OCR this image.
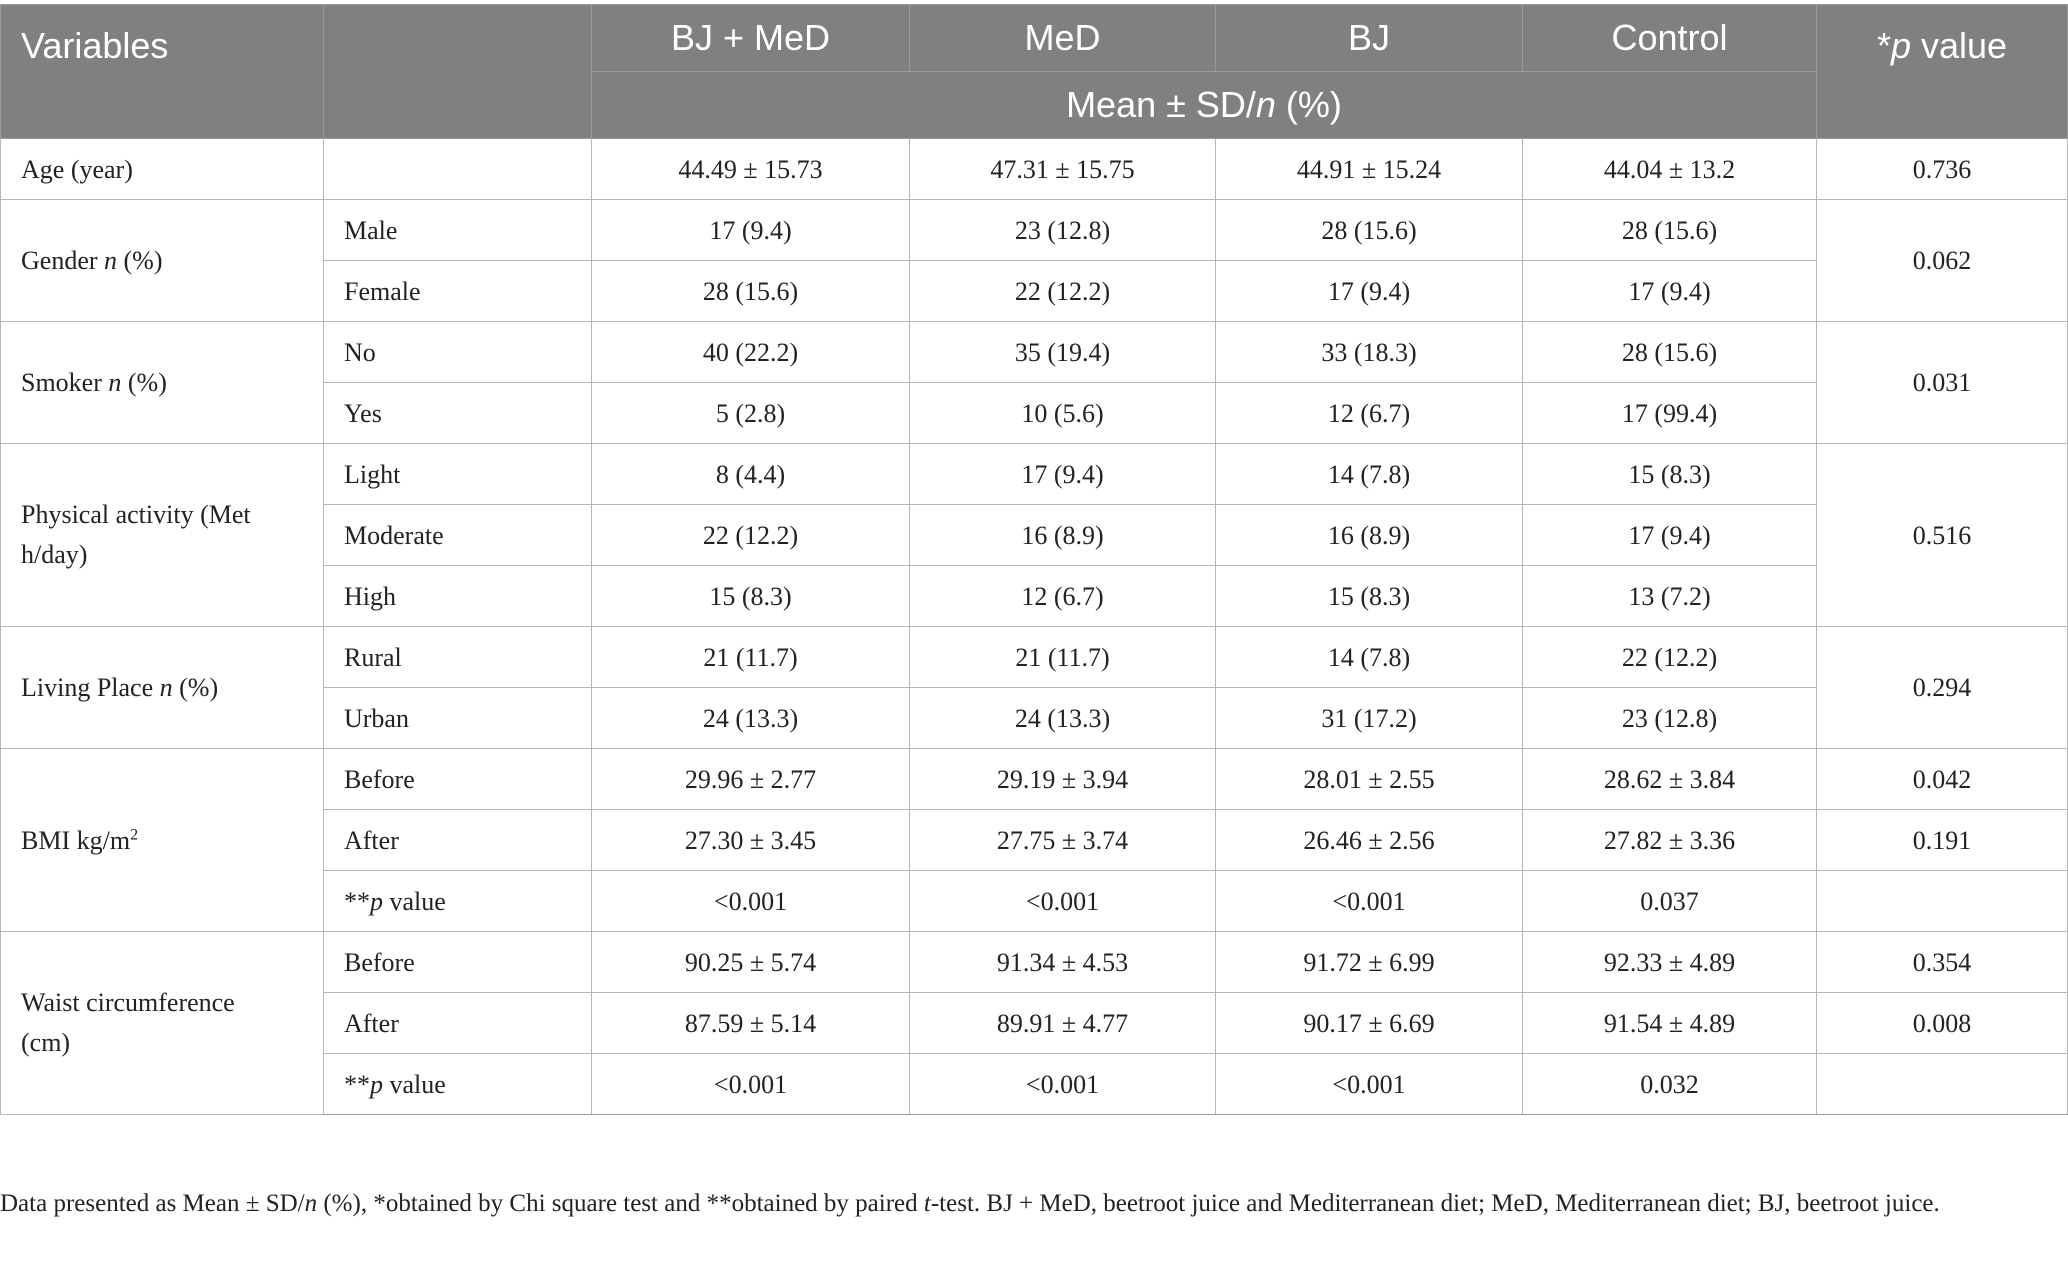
Variables		BJ + MeD	MeD	BJ	Control	*p value
		Mean ± SD/n (%)				
Age (year)		44.49 ± 15.73	47.31 ± 15.75	44.91 ± 15.24	44.04 ± 13.2	0.736
Gender n (%)	Male	17 (9.4)	23 (12.8)	28 (15.6)	28 (15.6)	0.062
	Female	28 (15.6)	22 (12.2)	17 (9.4)	17 (9.4)	
Smoker n (%)	No	40 (22.2)	35 (19.4)	33 (18.3)	28 (15.6)	0.031
	Yes	5 (2.8)	10 (5.6)	12 (6.7)	17 (99.4)	
Physical activity (Met
h/day)	Light	8 (4.4)	17 (9.4)	14 (7.8)	15 (8.3)	0.516
	Moderate	22 (12.2)	16 (8.9)	16 (8.9)	17 (9.4)	
	High	15 (8.3)	12 (6.7)	15 (8.3)	13 (7.2)	
Living Place n (%)	Rural	21 (11.7)	21 (11.7)	14 (7.8)	22 (12.2)	0.294
	Urban	24 (13.3)	24 (13.3)	31 (17.2)	23 (12.8)	
BMI $kg/m^2$	Before	29.96 ± 2.77	29.19 ± 3.94	28.01 ± 2.55	28.62 ± 3.84	0.042
	After	27.30 ± 3.45	27.75 ± 3.74	26.46 ± 2.56	27.82 ± 3.36	0.191
	**p value	<0.001	<0.001	<0.001	0.037	
Waist circumference
(cm)	Before	90.25 ± 5.74	91.34 ± 4.53	91.72 ± 6.99	92.33 ± 4.89	0.354
	After	87.59 ± 5.14	89.91 ± 4.77	90.17 ± 6.69	91.54 ± 4.89	0.008
	**p value	<0.001	<0.001	<0.001	0.032	

Data presented as Mean ± SD/n (%), *obtained by Chi square test and **obtained by paired t-test. BJ + MeD, beetroot juice and Mediterranean diet; MeD, Mediterranean diet; BJ, beetroot juice.
